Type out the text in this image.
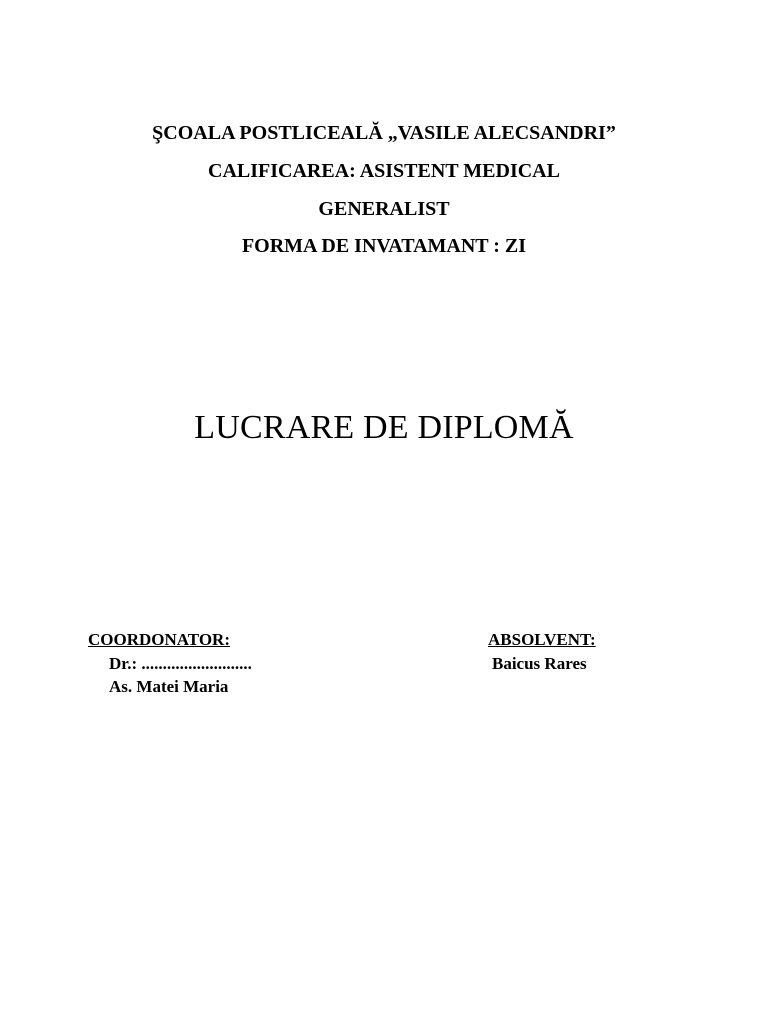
ŞCOALA POSTLICEALĂ „VASILE ALECSANDRI”
CALIFICAREA: ASISTENT MEDICAL
GENERALIST
FORMA DE INVATAMANT : ZI
LUCRARE DE DIPLOMĂ
COORDONATOR:
Dr.: ..........................
As. Matei Maria
ABSOLVENT:
Baicus Rares
